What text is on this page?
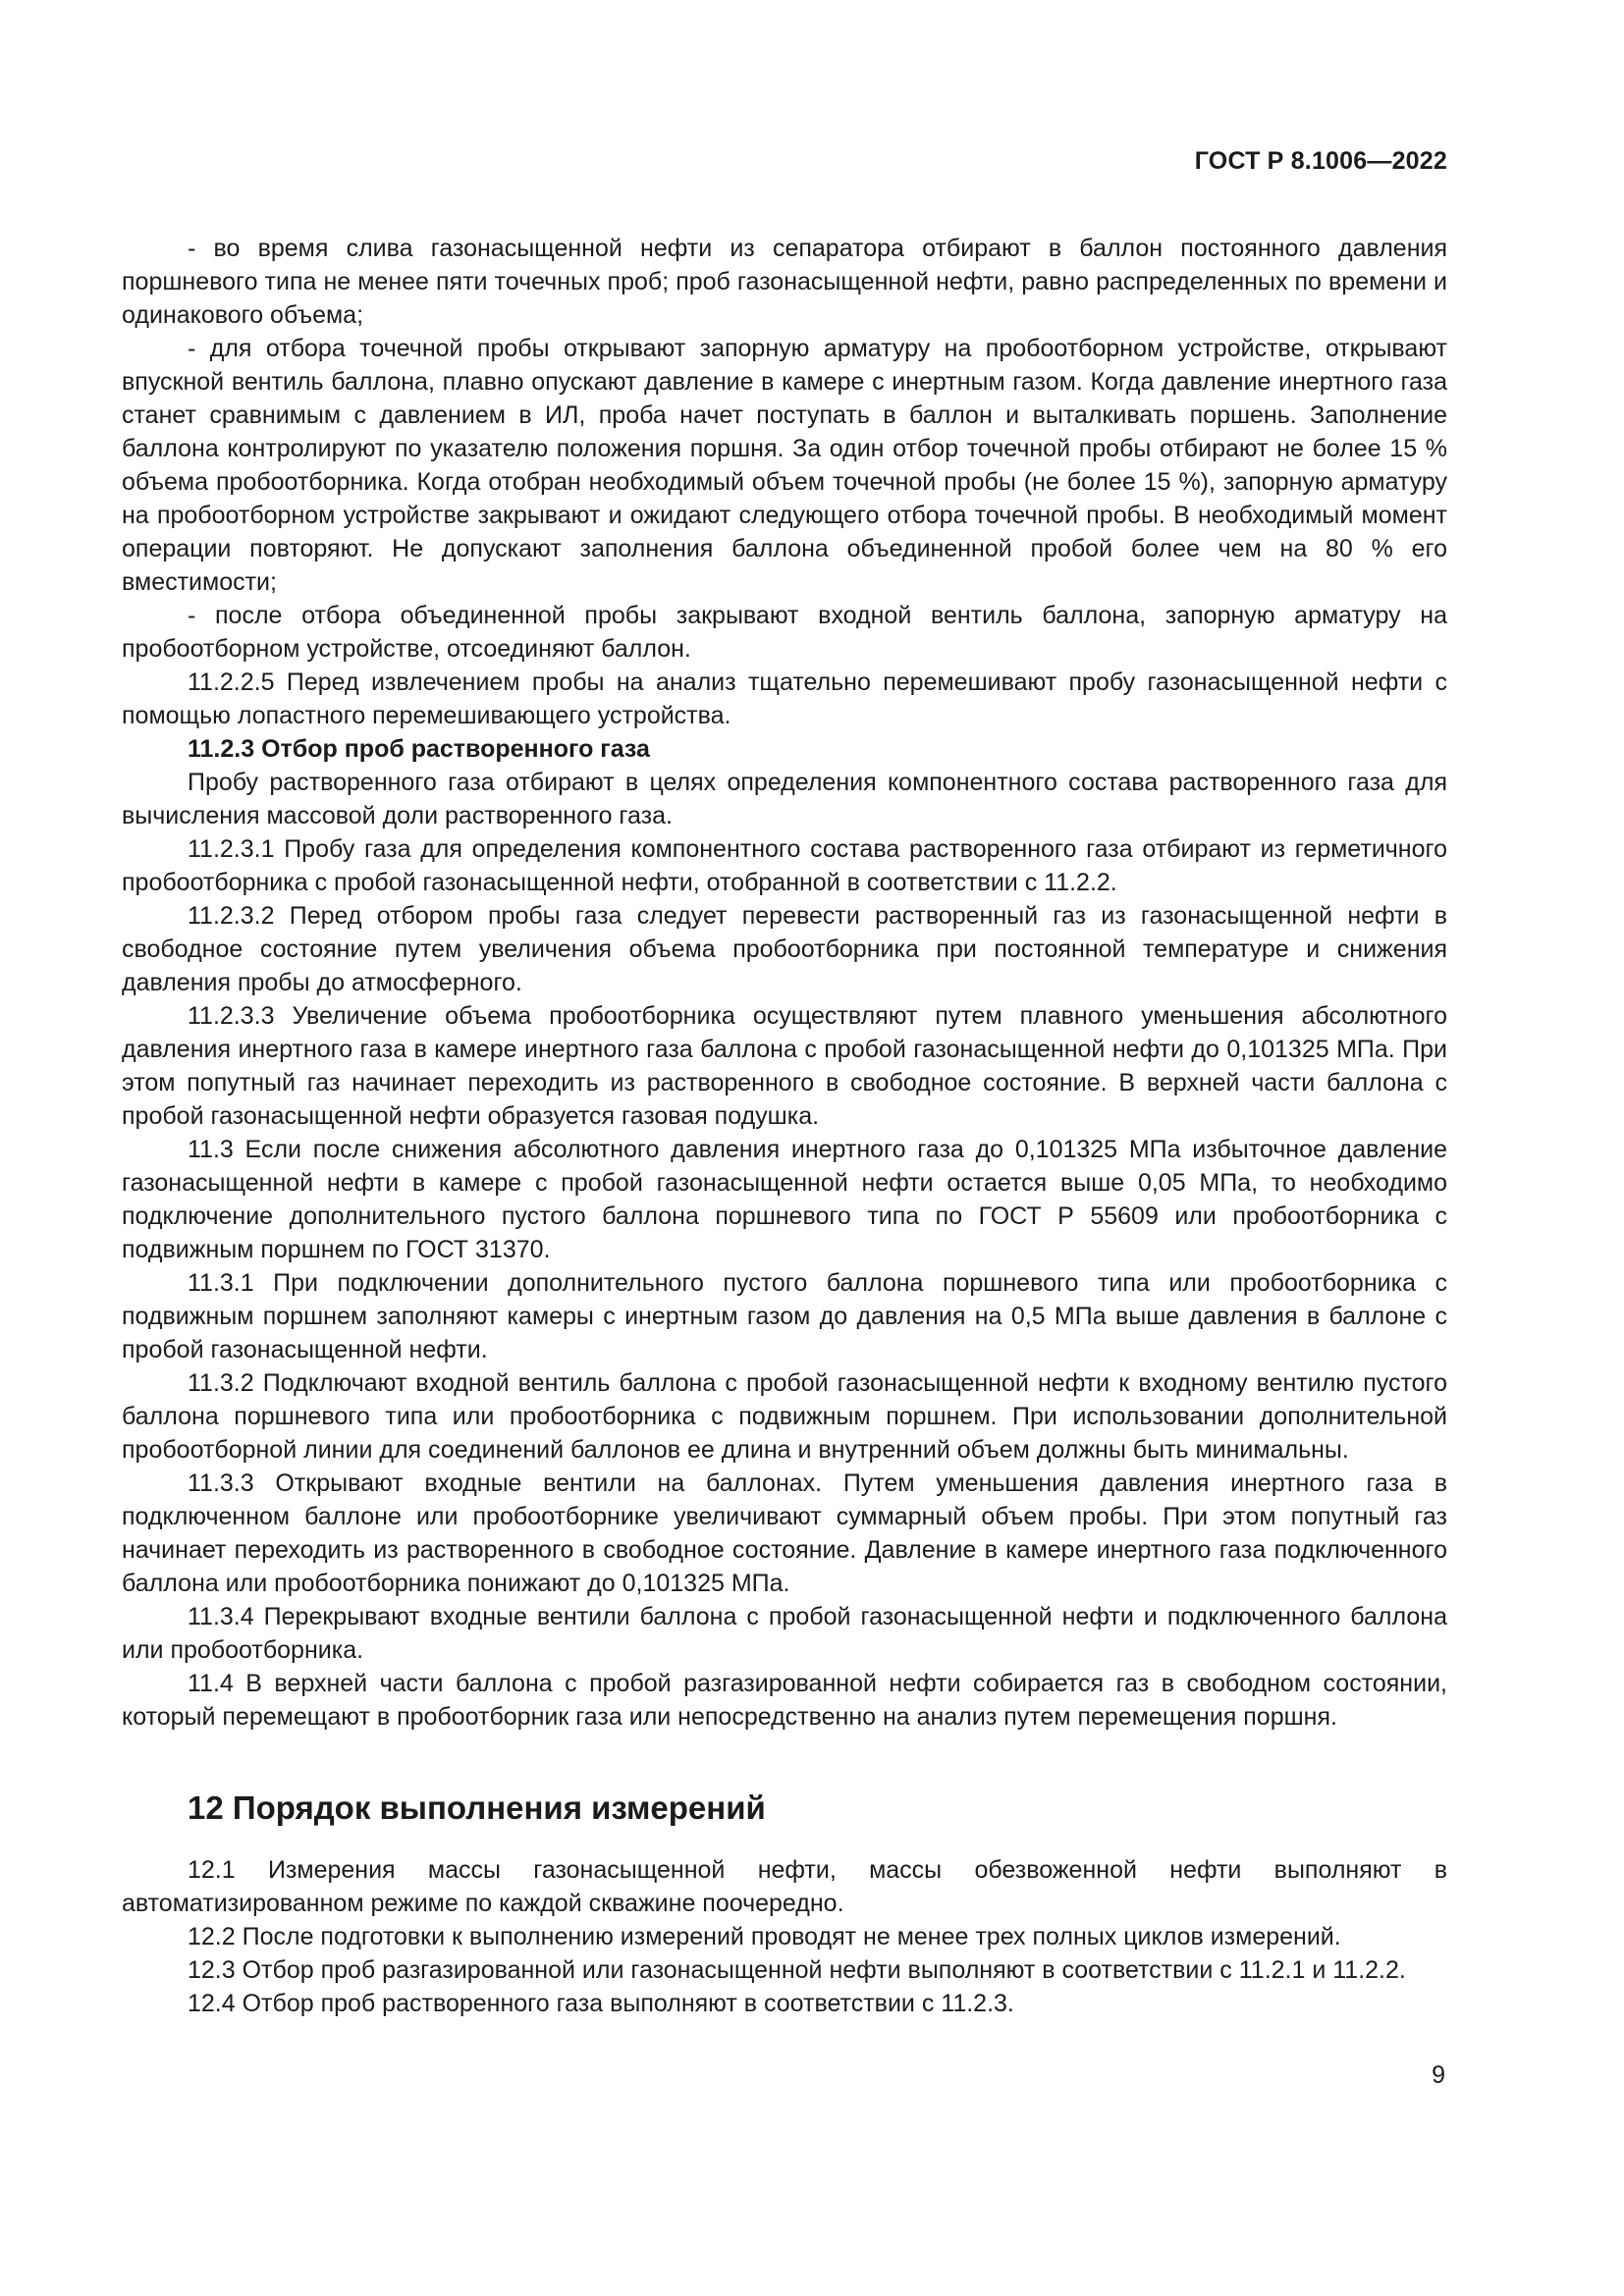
ГОСТ Р 8.1006—2022

- во время слива газонасыщенной нефти из сепаратора отбирают в баллон постоянного давления поршневого типа не менее пяти точечных проб; проб газонасыщенной нефти, равно распределенных по времени и одинакового объема;

- для отбора точечной пробы открывают запорную арматуру на пробоотборном устройстве, открывают впускной вентиль баллона, плавно опускают давление в камере с инертным газом. Когда давление инертного газа станет сравнимым с давлением в ИЛ, проба начет поступать в баллон и выталкивать поршень. Заполнение баллона контролируют по указателю положения поршня. За один отбор точечной пробы отбирают не более 15 % объема пробоотборника. Когда отобран необходимый объем точечной пробы (не более 15 %), запорную арматуру на пробоотборном устройстве закрывают и ожидают следующего отбора точечной пробы. В необходимый момент операции повторяют. Не допускают заполнения баллона объединенной пробой более чем на 80 % его вместимости;

- после отбора объединенной пробы закрывают входной вентиль баллона, запорную арматуру на пробоотборном устройстве, отсоединяют баллон.

11.2.2.5 Перед извлечением пробы на анализ тщательно перемешивают пробу газонасыщенной нефти с помощью лопастного перемешивающего устройства.

11.2.3 Отбор проб растворенного газа

Пробу растворенного газа отбирают в целях определения компонентного состава растворенного газа для вычисления массовой доли растворенного газа.

11.2.3.1 Пробу газа для определения компонентного состава растворенного газа отбирают из герметичного пробоотборника с пробой газонасыщенной нефти, отобранной в соответствии с 11.2.2.

11.2.3.2 Перед отбором пробы газа следует перевести растворенный газ из газонасыщенной нефти в свободное состояние путем увеличения объема пробоотборника при постоянной температуре и снижения давления пробы до атмосферного.

11.2.3.3 Увеличение объема пробоотборника осуществляют путем плавного уменьшения абсолютного давления инертного газа в камере инертного газа баллона с пробой газонасыщенной нефти до 0,101325 МПа. При этом попутный газ начинает переходить из растворенного в свободное состояние. В верхней части баллона с пробой газонасыщенной нефти образуется газовая подушка.

11.3 Если после снижения абсолютного давления инертного газа до 0,101325 МПа избыточное давление газонасыщенной нефти в камере с пробой газонасыщенной нефти остается выше 0,05 МПа, то необходимо подключение дополнительного пустого баллона поршневого типа по ГОСТ Р 55609 или пробоотборника с подвижным поршнем по ГОСТ 31370.

11.3.1 При подключении дополнительного пустого баллона поршневого типа или пробоотборника с подвижным поршнем заполняют камеры с инертным газом до давления на 0,5 МПа выше давления в баллоне с пробой газонасыщенной нефти.

11.3.2 Подключают входной вентиль баллона с пробой газонасыщенной нефти к входному вентилю пустого баллона поршневого типа или пробоотборника с подвижным поршнем. При использовании дополнительной пробоотборной линии для соединений баллонов ее длина и внутренний объем должны быть минимальны.

11.3.3 Открывают входные вентили на баллонах. Путем уменьшения давления инертного газа в подключенном баллоне или пробоотборнике увеличивают суммарный объем пробы. При этом попутный газ начинает переходить из растворенного в свободное состояние. Давление в камере инертного газа подключенного баллона или пробоотборника понижают до 0,101325 МПа.

11.3.4 Перекрывают входные вентили баллона с пробой газонасыщенной нефти и подключенного баллона или пробоотборника.

11.4 В верхней части баллона с пробой разгазированной нефти собирается газ в свободном состоянии, который перемещают в пробоотборник газа или непосредственно на анализ путем перемещения поршня.

12 Порядок выполнения измерений

12.1 Измерения массы газонасыщенной нефти, массы обезвоженной нефти выполняют в автоматизированном режиме по каждой скважине поочередно.

12.2 После подготовки к выполнению измерений проводят не менее трех полных циклов измерений.

12.3 Отбор проб разгазированной или газонасыщенной нефти выполняют в соответствии с 11.2.1 и 11.2.2.

12.4 Отбор проб растворенного газа выполняют в соответствии с 11.2.3.

9
